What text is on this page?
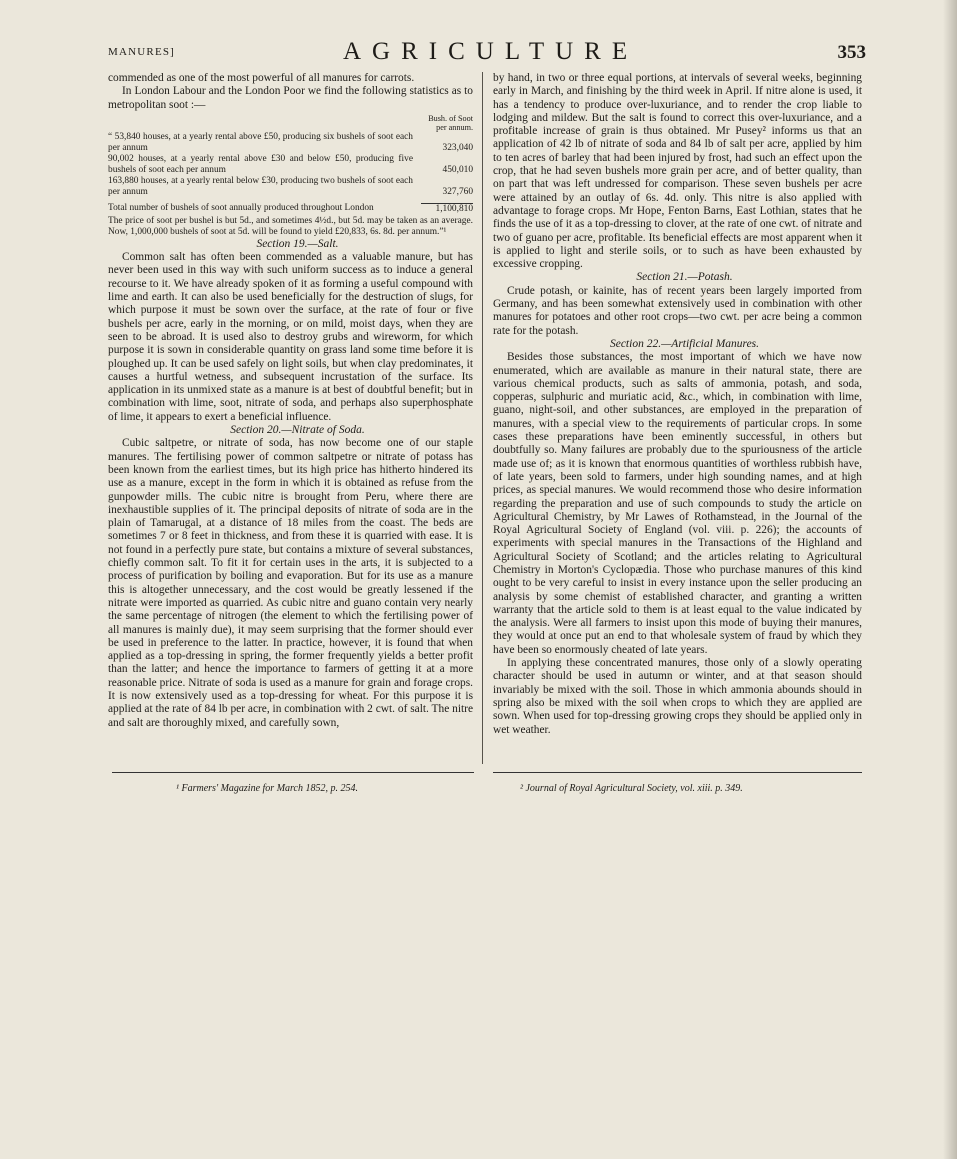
MANURES]	AGRICULTURE	353

commended as one of the most powerful of all manures for carrots.

In London Labour and the London Poor we find the following statistics as to metropolitan soot :—

Bush. of Soot
per annum.
“ 53,840 houses, at a yearly rental above £50, producing six bushels of soot each per annum	323,040
90,002 houses, at a yearly rental above £30 and below £50, producing five bushels of soot each per annum	450,010
163,880 houses, at a yearly rental below £30, producing two bushels of soot each per annum	327,760
Total number of bushels of soot annually produced throughout London	1,100,810
The price of soot per bushel is but 5d., and sometimes 4½d., but 5d. may be taken as an average. Now, 1,000,000 bushels of soot at 5d. will be found to yield £20,833, 6s. 8d. per annum.”¹

Section 19.—Salt.

Common salt has often been commended as a valuable manure, but has never been used in this way with such uniform success as to induce a general recourse to it. We have already spoken of it as forming a useful compound with lime and earth. It can also be used beneficially for the destruction of slugs, for which purpose it must be sown over the surface, at the rate of four or five bushels per acre, early in the morning, or on mild, moist days, when they are seen to be abroad. It is used also to destroy grubs and wireworm, for which purpose it is sown in considerable quantity on grass land some time before it is ploughed up. It can be used safely on light soils, but when clay predominates, it causes a hurtful wetness, and subsequent incrustation of the surface. Its application in its unmixed state as a manure is at best of doubtful benefit; but in combination with lime, soot, nitrate of soda, and perhaps also superphosphate of lime, it appears to exert a beneficial influence.

Section 20.—Nitrate of Soda.

Cubic saltpetre, or nitrate of soda, has now become one of our staple manures. The fertilising power of common saltpetre or nitrate of potass has been known from the earliest times, but its high price has hitherto hindered its use as a manure, except in the form in which it is obtained as refuse from the gunpowder mills. The cubic nitre is brought from Peru, where there are inexhaustible supplies of it. The principal deposits of nitrate of soda are in the plain of Tamarugal, at a distance of 18 miles from the coast. The beds are sometimes 7 or 8 feet in thickness, and from these it is quarried with ease. It is not found in a perfectly pure state, but contains a mixture of several substances, chiefly common salt. To fit it for certain uses in the arts, it is subjected to a process of purification by boiling and evaporation. But for its use as a manure this is altogether unnecessary, and the cost would be greatly lessened if the nitrate were imported as quarried. As cubic nitre and guano contain very nearly the same percentage of nitrogen (the element to which the fertilising power of all manures is mainly due), it may seem surprising that the former should ever be used in preference to the latter. In practice, however, it is found that when applied as a top-dressing in spring, the former frequently yields a better profit than the latter; and hence the importance to farmers of getting it at a more reasonable price. Nitrate of soda is used as a manure for grain and forage crops. It is now extensively used as a top-dressing for wheat. For this purpose it is applied at the rate of 84 lb per acre, in combination with 2 cwt. of salt. The nitre and salt are thoroughly mixed, and carefully sown,

by hand, in two or three equal portions, at intervals of several weeks, beginning early in March, and finishing by the third week in April. If nitre alone is used, it has a tendency to produce over-luxuriance, and to render the crop liable to lodging and mildew. But the salt is found to correct this over-luxuriance, and a profitable increase of grain is thus obtained. Mr Pusey² informs us that an application of 42 lb of nitrate of soda and 84 lb of salt per acre, applied by him to ten acres of barley that had been injured by frost, had such an effect upon the crop, that he had seven bushels more grain per acre, and of better quality, than on part that was left undressed for comparison. These seven bushels per acre were attained by an outlay of 6s. 4d. only. This nitre is also applied with advantage to forage crops. Mr Hope, Fenton Barns, East Lothian, states that he finds the use of it as a top-dressing to clover, at the rate of one cwt. of nitrate and two of guano per acre, profitable. Its beneficial effects are most apparent when it is applied to light and sterile soils, or to such as have been exhausted by excessive cropping.

Section 21.—Potash.

Crude potash, or kainite, has of recent years been largely imported from Germany, and has been somewhat extensively used in combination with other manures for potatoes and other root crops—two cwt. per acre being a common rate for the potash.

Section 22.—Artificial Manures.

Besides those substances, the most important of which we have now enumerated, which are available as manure in their natural state, there are various chemical products, such as salts of ammonia, potash, and soda, copperas, sulphuric and muriatic acid, &c., which, in combination with lime, guano, night-soil, and other substances, are employed in the preparation of manures, with a special view to the requirements of particular crops. In some cases these preparations have been eminently successful, in others but doubtfully so. Many failures are probably due to the spuriousness of the article made use of; as it is known that enormous quantities of worthless rubbish have, of late years, been sold to farmers, under high sounding names, and at high prices, as special manures. We would recommend those who desire information regarding the preparation and use of such compounds to study the article on Agricultural Chemistry, by Mr Lawes of Rothamstead, in the Journal of the Royal Agricultural Society of England (vol. viii. p. 226); the accounts of experiments with special manures in the Transactions of the Highland and Agricultural Society of Scotland; and the articles relating to Agricultural Chemistry in Morton's Cyclopædia. Those who purchase manures of this kind ought to be very careful to insist in every instance upon the seller producing an analysis by some chemist of established character, and granting a written warranty that the article sold to them is at least equal to the value indicated by the analysis. Were all farmers to insist upon this mode of buying their manures, they would at once put an end to that wholesale system of fraud by which they have been so enormously cheated of late years.

In applying these concentrated manures, those only of a slowly operating character should be used in autumn or winter, and at that season should invariably be mixed with the soil. Those in which ammonia abounds should in spring also be mixed with the soil when crops to which they are applied are sown. When used for top-dressing growing crops they should be applied only in wet weather.

¹ Farmers' Magazine for March 1852, p. 254.	² Journal of Royal Agricultural Society, vol. xiii. p. 349.
